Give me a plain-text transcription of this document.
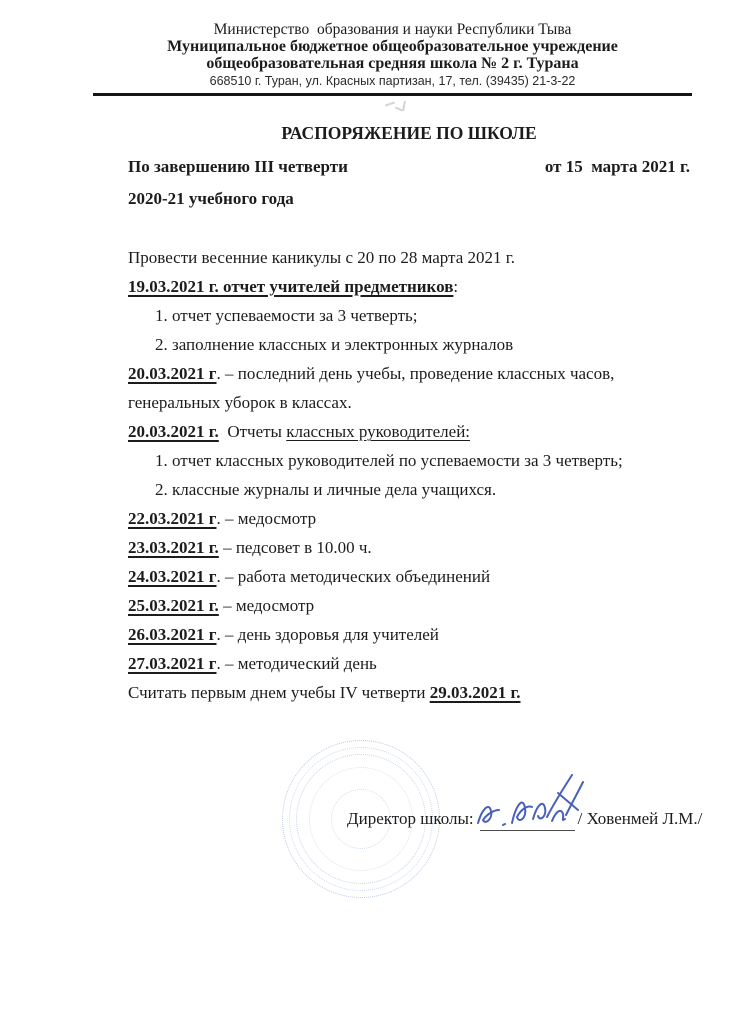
Министерство  образования и науки Республики Тыва
Муниципальное бюджетное общеобразовательное учреждение
общеобразовательная средняя школа № 2 г. Турана
668510 г. Туран, ул. Красных партизан, 17, тел. (39435) 21-3-22
РАСПОРЯЖЕНИЕ ПО ШКОЛЕ
По завершению III четверти	от 15  марта 2021 г.
2020-21 учебного года

Провести весенние каникулы с 20 по 28 марта 2021 г.

19.03.2021 г. отчет учителей предметников:

1. отчет успеваемости за 3 четверть;

2. заполнение классных и электронных журналов

20.03.2021 г. – последний день учебы, проведение классных часов, генеральных уборок в классах.

20.03.2021 г.  Отчеты классных руководителей:

1. отчет классных руководителей по успеваемости за 3 четверть;

2. классные журналы и личные дела учащихся.

22.03.2021 г. – медосмотр

23.03.2021 г. – педсовет в 10.00 ч.

24.03.2021 г. – работа методических объединений

25.03.2021 г. – медосмотр

26.03.2021 г. – день здоровья для учителей

27.03.2021 г. – методический день

Считать первым днем учебы IV четверти 29.03.2021 г.

Директор школы:	/ Ховенмей Л.М./
